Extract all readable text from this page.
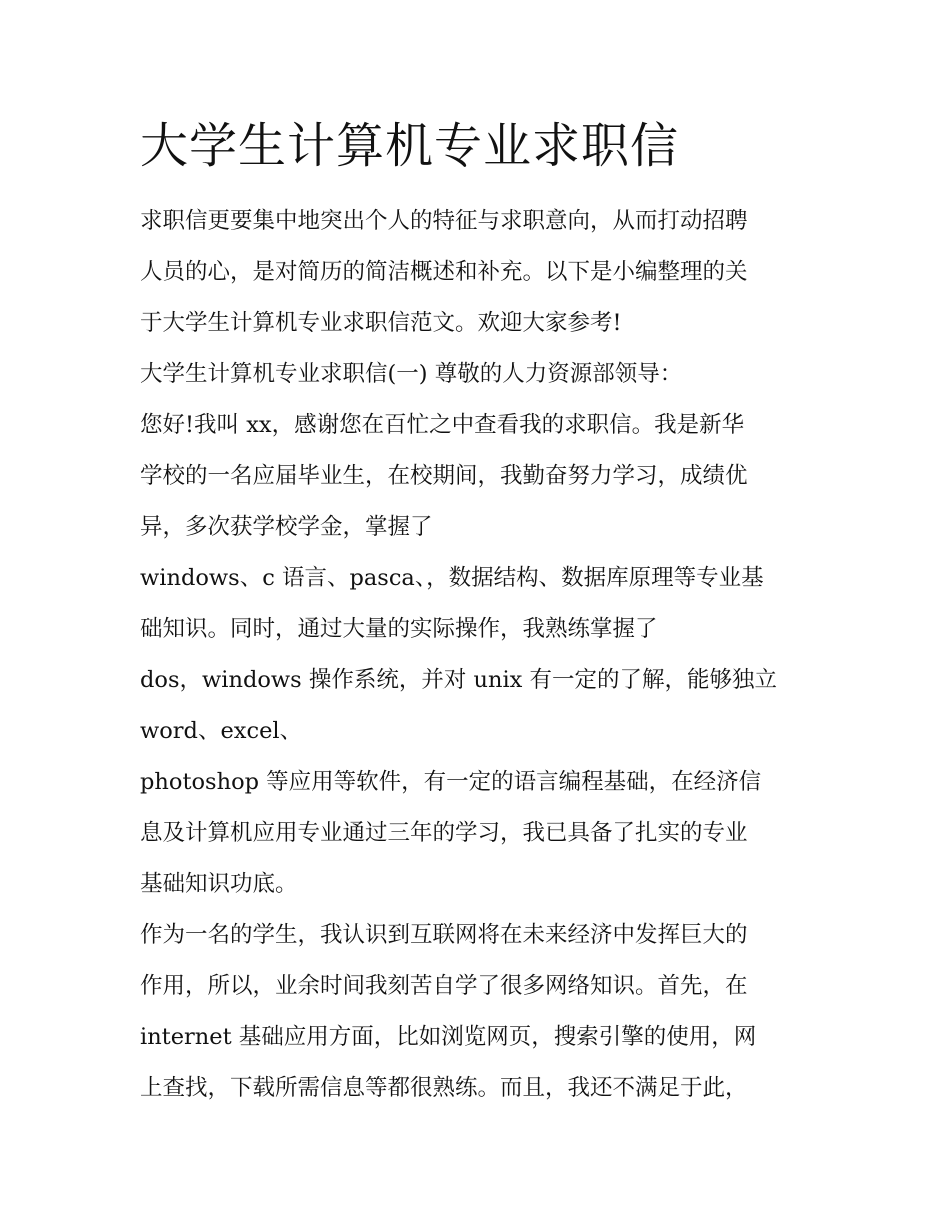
大学生计算机专业求职信
求职信更要集中地突出个人的特征与求职意向，从而打动招聘
人员的心，是对简历的简洁概述和补充。以下是小编整理的关
于大学生计算机专业求职信范文。欢迎大家参考!
大学生计算机专业求职信(一) 尊敬的人力资源部领导：
您好!我叫 xx，感谢您在百忙之中查看我的求职信。我是新华
学校的一名应届毕业生，在校期间，我勤奋努力学习，成绩优
异，多次获学校学金，掌握了
windows、c 语言、pasca、，数据结构、数据库原理等专业基
础知识。同时，通过大量的实际操作，我熟练掌握了
dos，windows 操作系统，并对 unix 有一定的了解，能够独立
word、excel、
photoshop 等应用等软件，有一定的语言编程基础，在经济信
息及计算机应用专业通过三年的学习，我已具备了扎实的专业
基础知识功底。
作为一名的学生，我认识到互联网将在未来经济中发挥巨大的
作用，所以，业余时间我刻苦自学了很多网络知识。首先，在
internet 基础应用方面，比如浏览网页，搜索引擎的使用，网
上查找，下载所需信息等都很熟练。而且，我还不满足于此，
